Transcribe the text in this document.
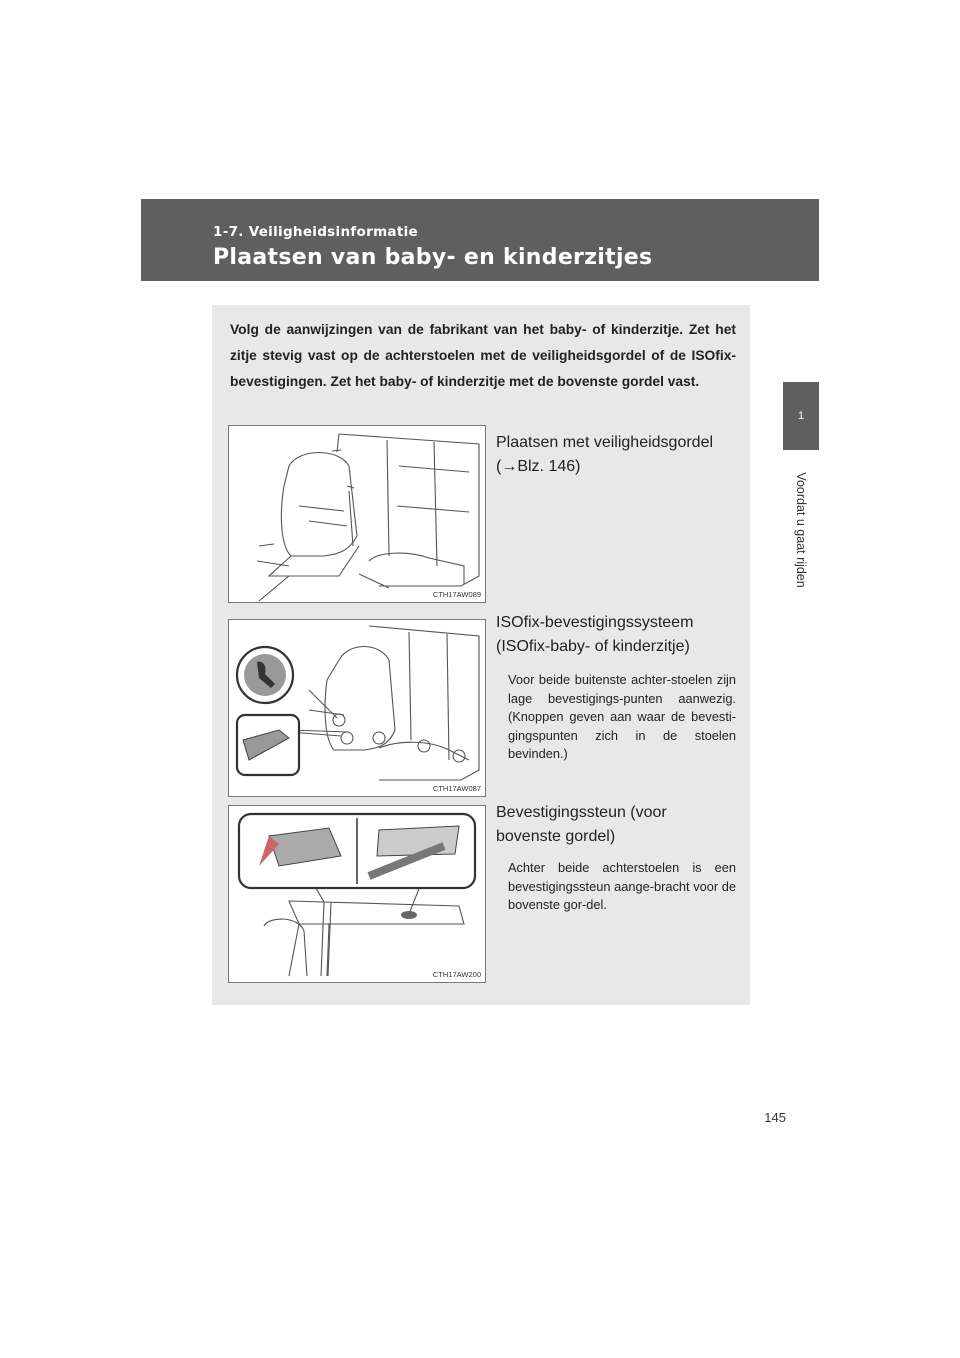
1-7. Veiligheidsinformatie
Plaatsen van baby- en kinderzitjes
1
Voordat u gaat rijden
Volg de aanwijzingen van de fabrikant van het baby- of kinderzitje. Zet het zitje stevig vast op de achterstoelen met de veiligheidsgordel of de ISOfix-bevestigingen. Zet het baby- of kinderzitje met de bovenste gordel vast.
CTH17AW089
Plaatsen met veiligheidsgordel
(→Blz. 146)
CTH17AW087
ISOfix-bevestigingssysteem
(ISOfix-baby- of kinderzitje)
Voor beide buitenste achter-stoelen zijn lage bevestigings-punten aanwezig. (Knoppen geven aan waar de bevesti-gingspunten zich in de stoelen bevinden.)
CTH17AW200
Bevestigingssteun (voor
bovenste gordel)
Achter beide achterstoelen is een bevestigingssteun aange-bracht voor de bovenste gor-del.
145
